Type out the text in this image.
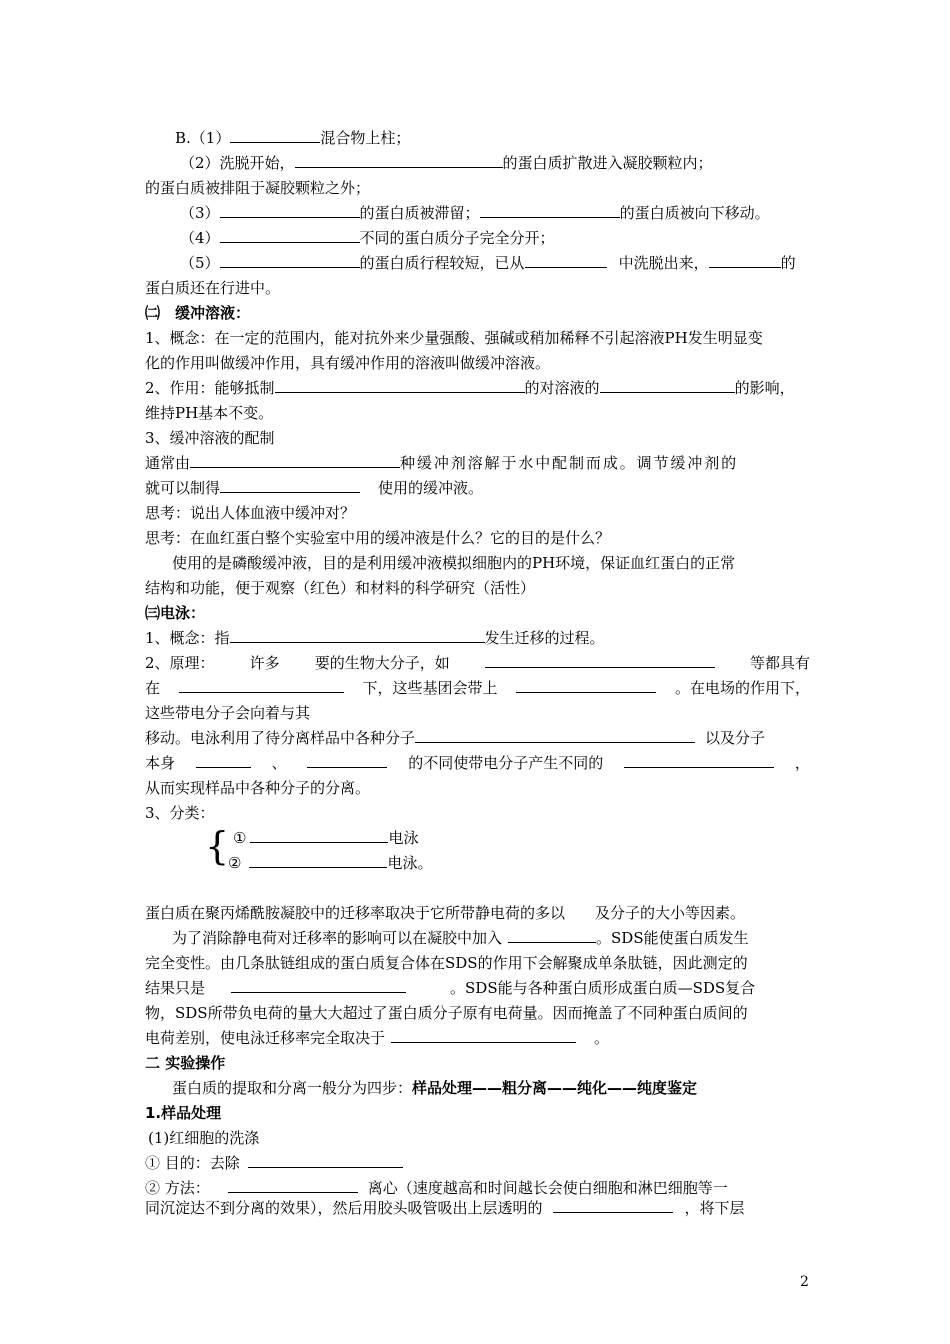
B.（1）	混合物上柱；
（2）洗脱开始，	的蛋白质扩散进入凝胶颗粒内；
的蛋白质被排阻于凝胶颗粒之外；
（3）	的蛋白质被滞留；	的蛋白质被向下移动。
（4）	不同的蛋白质分子完全分开；
（5）	的蛋白质行程较短，已从	中洗脱出来，	的
蛋白质还在行进中。
㈡　缓冲溶液：
1、概念：在一定的范围内，能对抗外来少量强酸、强碱或稍加稀释不引起溶液PH发生明显变
化的作用叫做缓冲作用，具有缓冲作用的溶液叫做缓冲溶液。
2、作用：能够抵制	的对溶液的	的影响，
维持PH基本不变。
3、缓冲溶液的配制
通常由	种缓冲剂溶解于水中配制而成。调节缓冲剂的
就可以制得	使用的缓冲液。
思考：说出人体血液中缓冲对？
思考：在血红蛋白整个实验室中用的缓冲液是什么？它的目的是什么？
使用的是磷酸缓冲液，目的是利用缓冲液模拟细胞内的PH环境，保证血红蛋白的正常
结构和功能，便于观察（红色）和材料的科学研究（活性）
㈢电泳：
1、概念：指	发生迁移的过程。
2、原理： 许多 要的生物大分子，如	等都具有
在	下，这些基团会带上	。在电场的作用下，
这些带电分子会向着与其
移动。电泳利用了待分离样品中各种分子	以及分子
本身	、	的不同使带电分子产生不同的	，
从而实现样品中各种分子的分离。
3、分类：
{ ①	电泳
②	电泳。
蛋白质在聚丙烯酰胺凝胶中的迁移率取决于它所带静电荷的多以 及分子的大小等因素。
为了消除静电荷对迁移率的影响可以在凝胶中加入	。SDS能使蛋白质发生
完全变性。由几条肽链组成的蛋白质复合体在SDS的作用下会解聚成单条肽链，因此测定的
结果只是	。SDS能与各种蛋白质形成蛋白质—SDS复合
物，SDS所带负电荷的量大大超过了蛋白质分子原有电荷量。因而掩盖了不同种蛋白质间的
电荷差别，使电泳迁移率完全取决于	。
二 实验操作
蛋白质的提取和分离一般分为四步：样品处理——粗分离——纯化——纯度鉴定
1.样品处理
(1)红细胞的洗涤
① 目的：去除
② 方法：	离心（速度越高和时间越长会使白细胞和淋巴细胞等一
同沉淀达不到分离的效果），然后用胶头吸管吸出上层透明的	，将下层
2
